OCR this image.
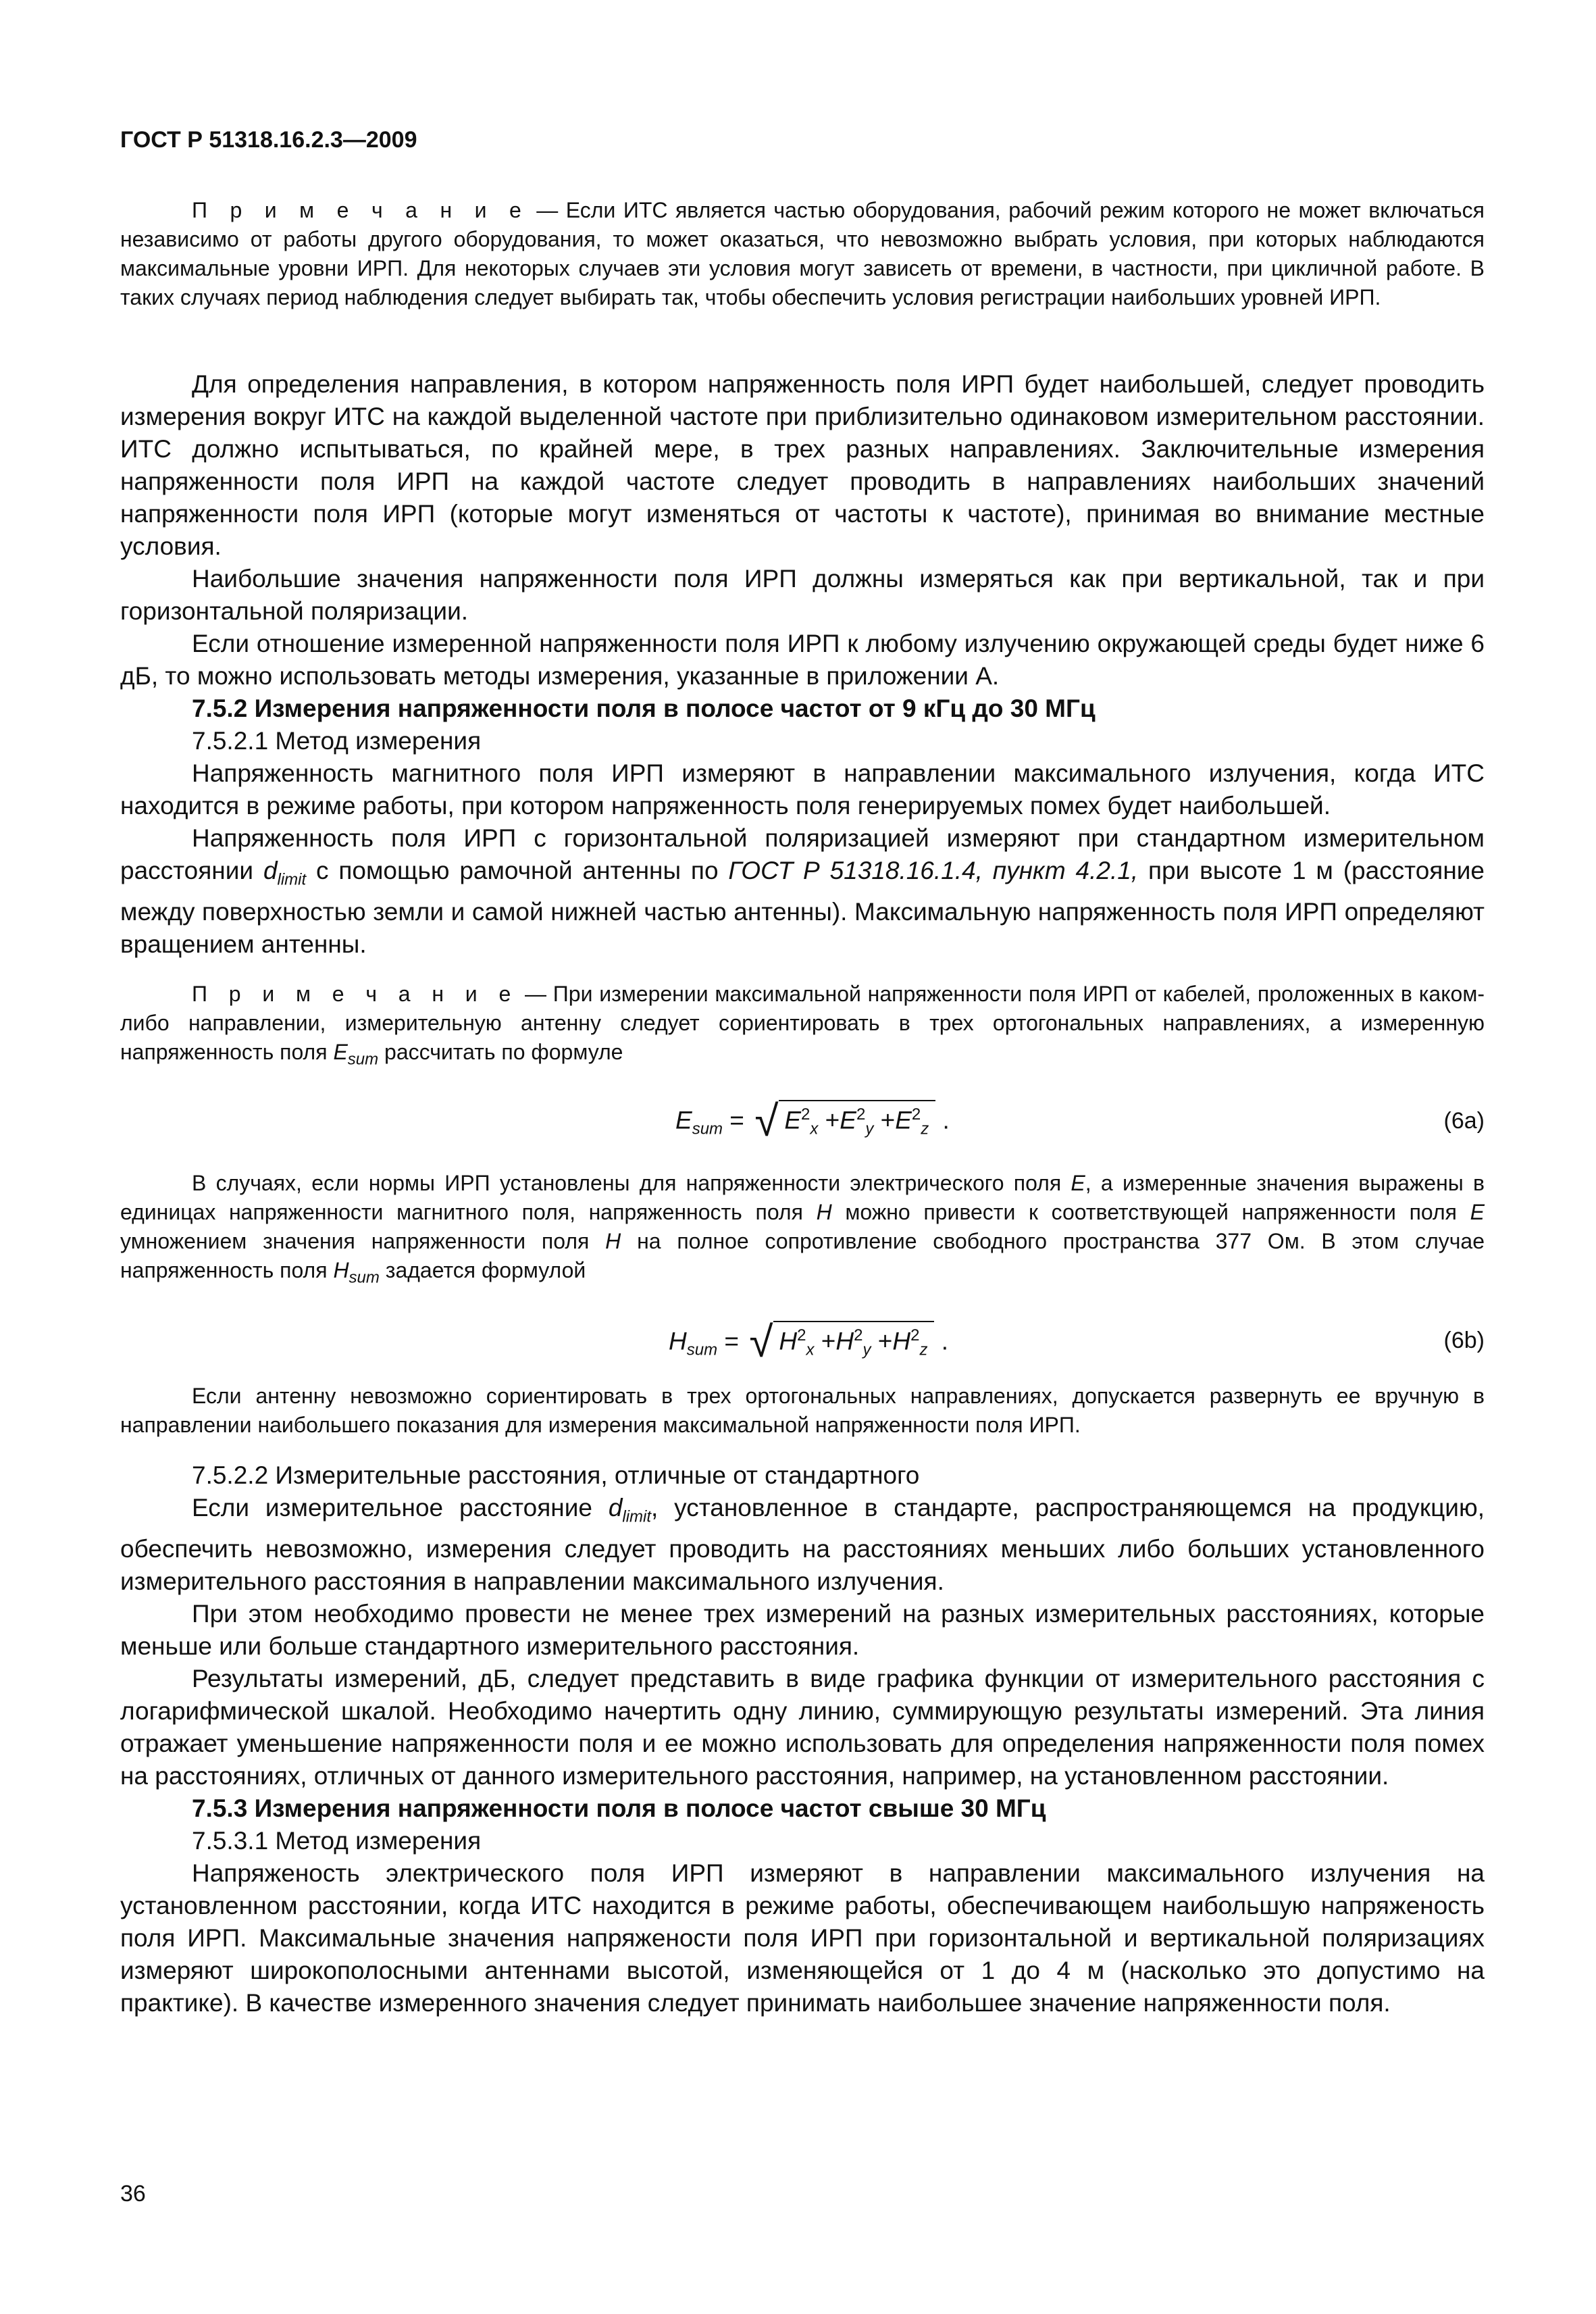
ГОСТ Р 51318.16.2.3—2009

П р и м е ч а н и е — Если ИТС является частью оборудования, рабочий режим которого не может включаться независимо от работы другого оборудования, то может оказаться, что невозможно выбрать условия, при которых наблюдаются максимальные уровни ИРП. Для некоторых случаев эти условия могут зависеть от времени, в частности, при цикличной работе. В таких случаях период наблюдения следует выбирать так, чтобы обеспечить условия регистрации наибольших уровней ИРП.

Для определения направления, в котором напряженность поля ИРП будет наибольшей, следует проводить измерения вокруг ИТС на каждой выделенной частоте при приблизительно одинаковом измерительном расстоянии. ИТС должно испытываться, по крайней мере, в трех разных направлениях. Заключительные измерения напряженности поля ИРП на каждой частоте следует проводить в направлениях наибольших значений напряженности поля ИРП (которые могут изменяться от частоты к частоте), принимая во внимание местные условия.

Наибольшие значения напряженности поля ИРП должны измеряться как при вертикальной, так и при горизонтальной поляризации.

Если отношение измеренной напряженности поля ИРП к любому излучению окружающей среды будет ниже 6 дБ, то можно использовать методы измерения, указанные в приложении А.

7.5.2 Измерения напряженности поля в полосе частот от 9 кГц до 30 МГц

7.5.2.1 Метод измерения

Напряженность магнитного поля ИРП измеряют в направлении максимального излучения, когда ИТС находится в режиме работы, при котором напряженность поля генерируемых помех будет наибольшей.

Напряженность поля ИРП с горизонтальной поляризацией измеряют при стандартном измерительном расстоянии $d_{limit}$ с помощью рамочной антенны по ГОСТ Р 51318.16.1.4, пункт 4.2.1, при высоте 1 м (расстояние между поверхностью земли и самой нижней частью антенны). Максимальную напряженность поля ИРП определяют вращением антенны.

П р и м е ч а н и е — При измерении максимальной напряженности поля ИРП от кабелей, проложенных в каком-либо направлении, измерительную антенну следует сориентировать в трех ортогональных направлениях, а измеренную напряженность поля $E_{sum}$ рассчитать по формуле

$E_{sum}$ =     √ $E^2_x +E^2_y +E^2_z$ .	(6a)

В случаях, если нормы ИРП установлены для напряженности электрического поля E, а измеренные значения выражены в единицах напряженности магнитного поля, напряженность поля H можно привести к соответствующей напряженности поля E умножением значения напряженности поля H на полное сопротивление свободного пространства 377 Ом. В этом случае напряженность поля $H_{sum}$ задается формулой

$H_{sum}$ =     √ $H^2_x +H^2_y +H^2_z$ .	(6b)

Если антенну невозможно сориентировать в трех ортогональных направлениях, допускается развернуть ее вручную в направлении наибольшего показания для измерения максимальной напряженности поля ИРП.

7.5.2.2 Измерительные расстояния, отличные от стандартного

Если измерительное расстояние $d_{limit}$, установленное в стандарте, распространяющемся на продукцию, обеспечить невозможно, измерения следует проводить на расстояниях меньших либо больших установленного измерительного расстояния в направлении максимального излучения.

При этом необходимо провести не менее трех измерений на разных измерительных расстояниях, которые меньше или больше стандартного измерительного расстояния.

Результаты измерений, дБ, следует представить в виде графика функции от измерительного расстояния с логарифмической шкалой. Необходимо начертить одну линию, суммирующую результаты измерений. Эта линия отражает уменьшение напряженности поля и ее можно использовать для определения напряженности поля помех на расстояниях, отличных от данного измерительного расстояния, например, на установленном расстоянии.

7.5.3 Измерения напряженности поля в полосе частот свыше 30 МГц

7.5.3.1 Метод измерения

Напряженость электрического поля ИРП измеряют в направлении максимального излучения на установленном расстоянии, когда ИТС находится в режиме работы, обеспечивающем наибольшую напряженость поля ИРП. Максимальные значения напряжености поля ИРП при горизонтальной и вертикальной поляризациях измеряют широкополосными антеннами высотой, изменяющейся от 1 до 4 м (насколько это допустимо на практике). В качестве измеренного значения следует принимать наибольшее значение напряженности поля.

36
